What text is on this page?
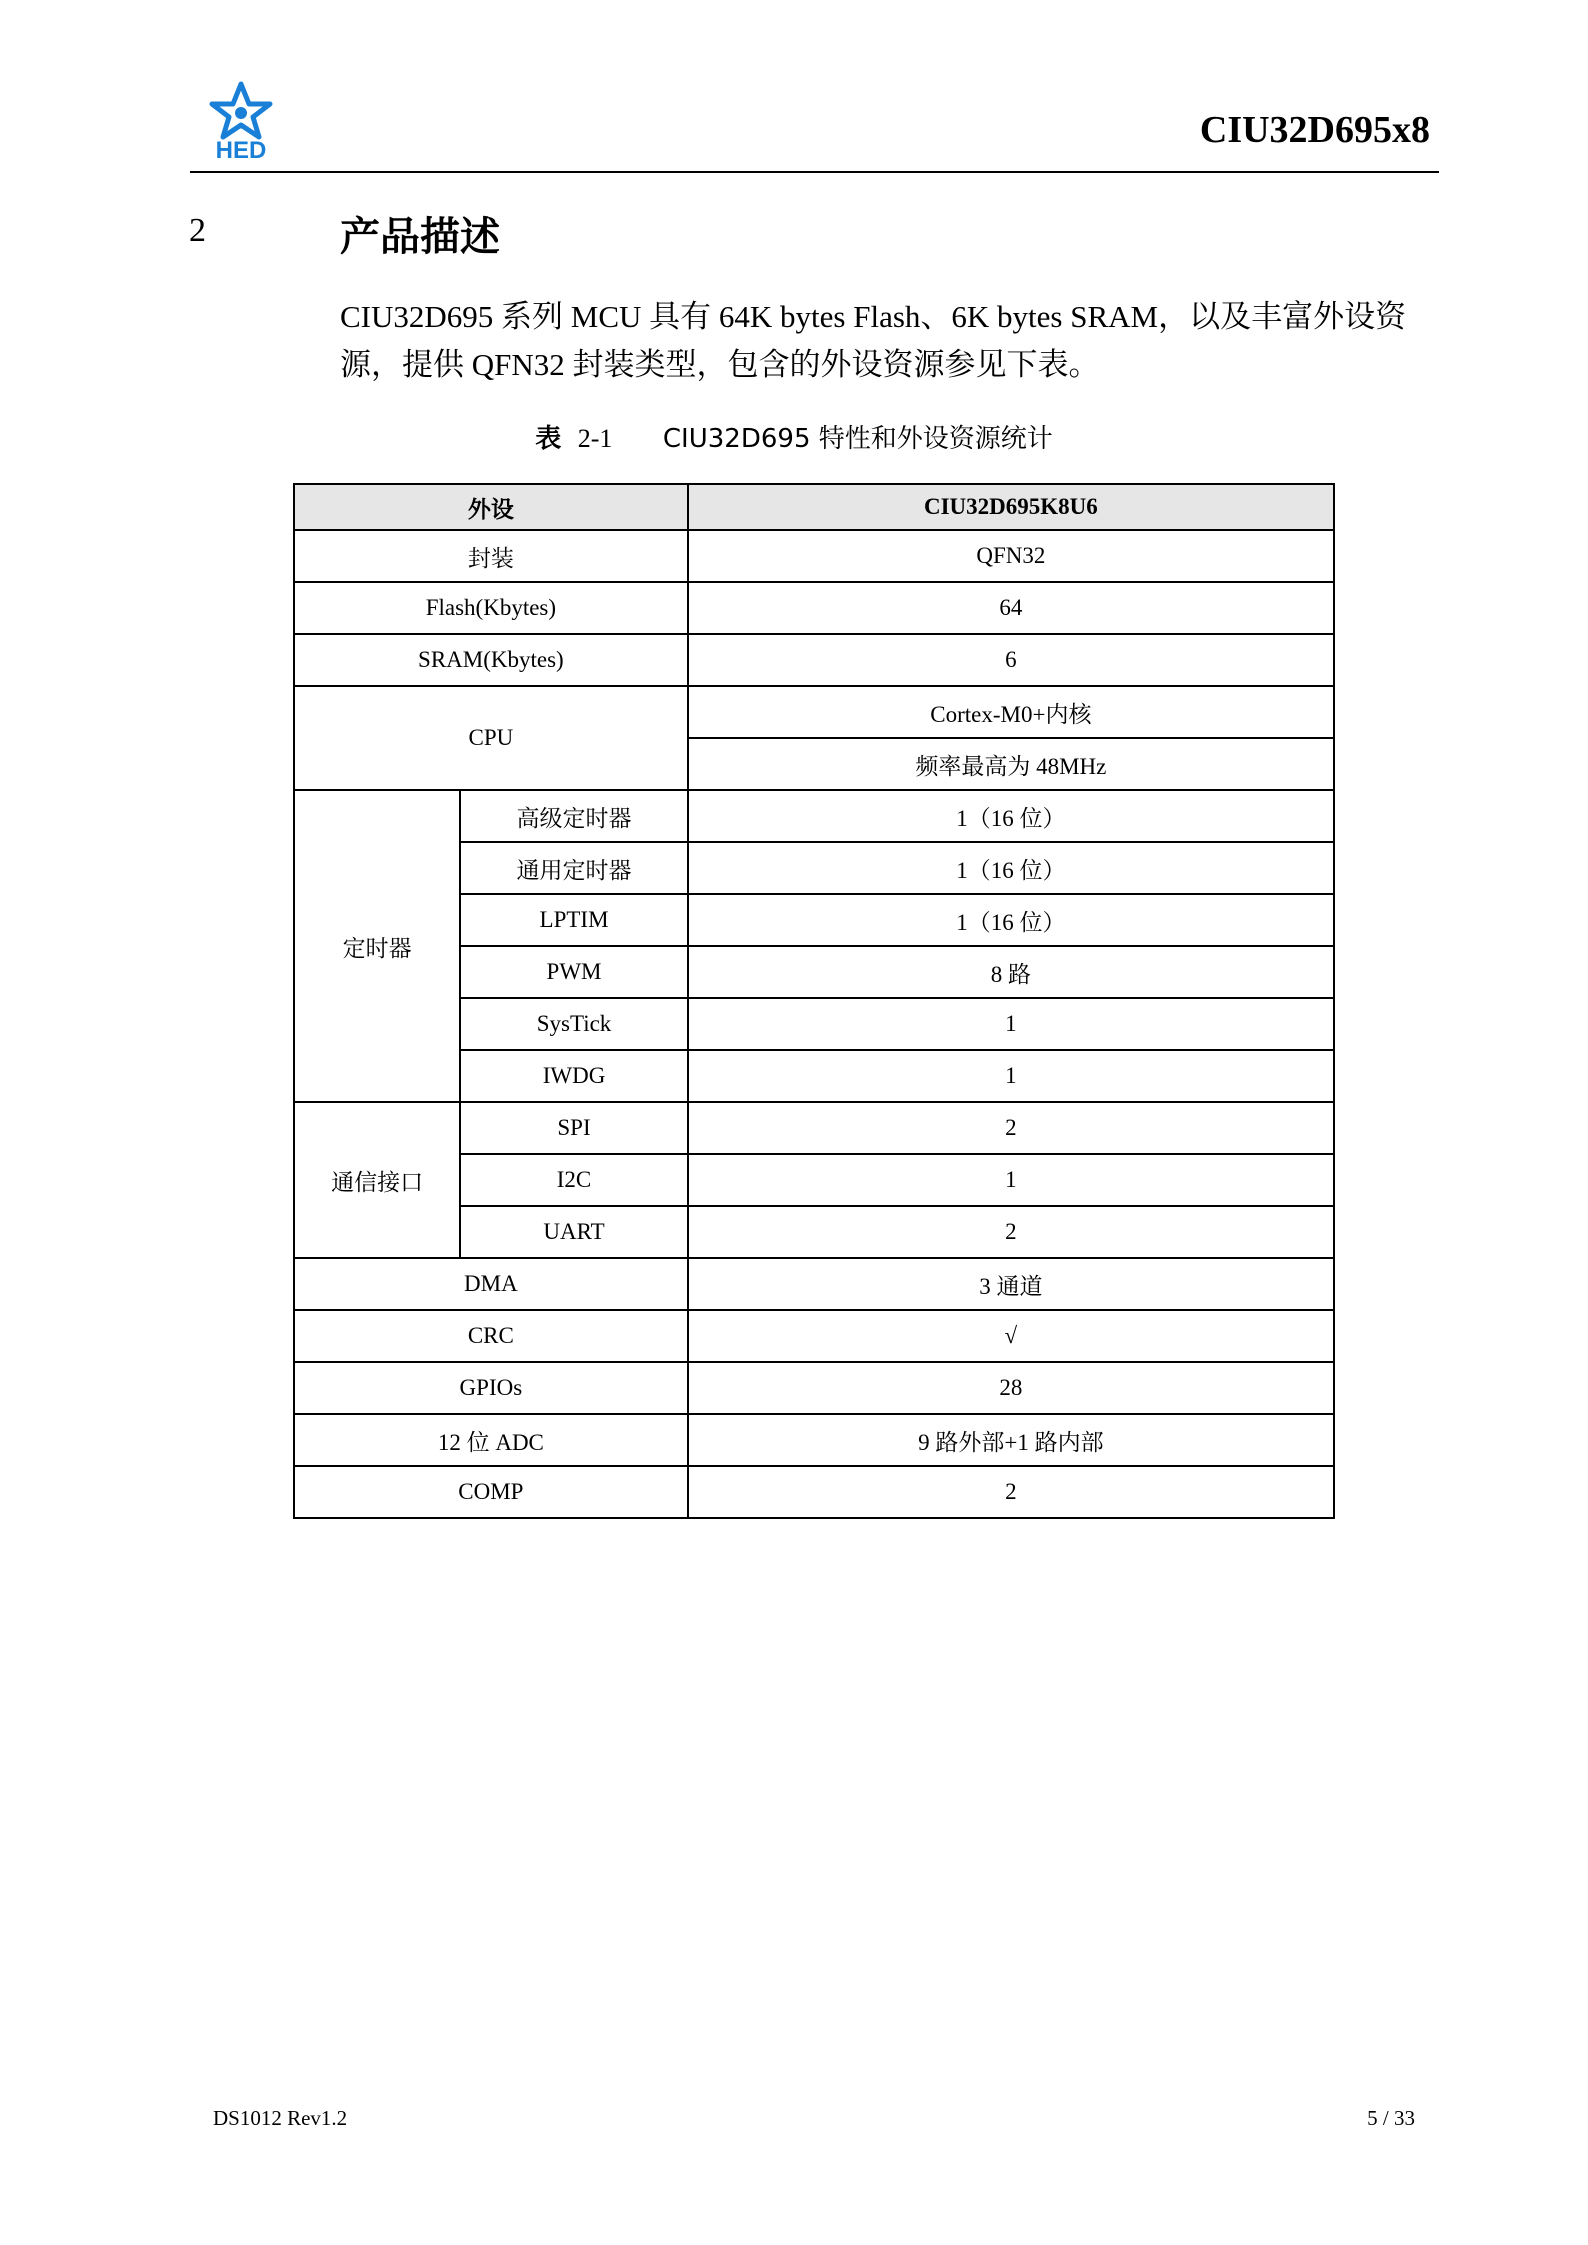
HED	CIU32D695x8
2	产品描述

CIU32D695 系列 MCU 具有 64K bytes Flash、6K bytes SRAM，以及丰富外设资

源，提供 QFN32 封装类型，包含的外设资源参见下表。

表 2-1 CIU32D695 特性和外设资源统计
外设		CIU32D695K8U6
封装		QFN32
Flash(Kbytes)		64
SRAM(Kbytes)		6
CPU		Cortex-M0+内核
		频率最高为 48MHz
定时器	高级定时器	1（16 位）
	通用定时器	1（16 位）
	LPTIM	1（16 位）
	PWM	8 路
	SysTick	1
	IWDG	1
通信接口	SPI	2
	I2C	1
	UART	2
DMA		3 通道
CRC		√
GPIOs		28
12 位 ADC		9 路外部+1 路内部
COMP		2
DS1012 Rev1.2	5 / 33
